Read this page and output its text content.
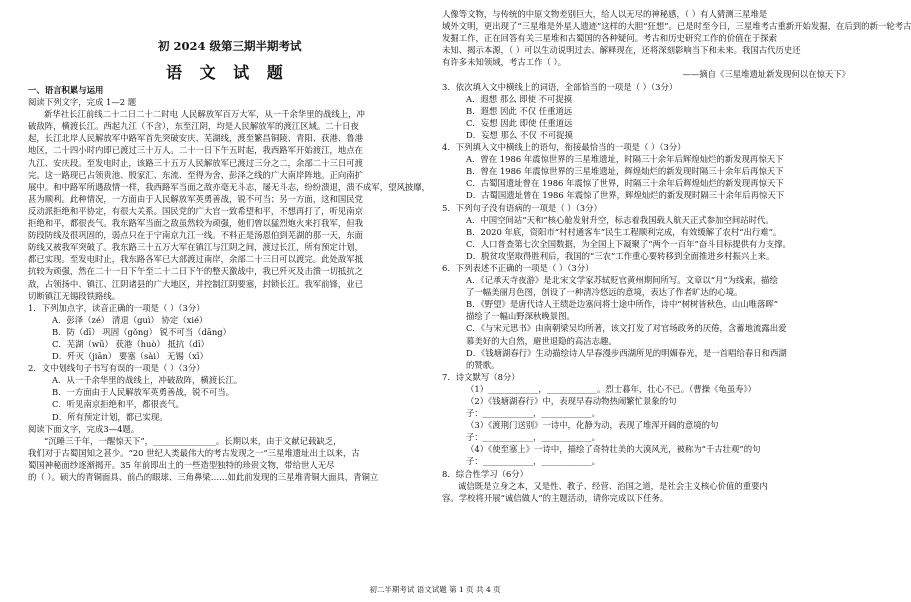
初 2024 级第三期半期考试
语 文 试 题
一、语言积累与运用
阅读下列文字，完成 1—2 题
新华社长江前线二十二日二十二时电 人民解放军百万大军，从一千余华里的战线上，冲
破敌阵，横渡长江。西起九江（不含），东至江阴，均是人民解放军的渡江区域。二十日夜
起，长江北岸人民解放军中路军首先突破安庆、芜湖线，渡至繁昌铜陵、青阳、获港、鲁港
地区，二十四小时内即已渡过三十万人。二十一日下午五时起，我西路军开始渡江，地点在
九江、安庆段。至发电时止，该路三十五万人民解放军已渡过三分之二，余部二十三日可渡
完。这一路现已占领贵池、殷家汇、东流、至得为舍、彭泽之线的广大南岸阵地。正向南扩
展中。和中路军所遇敌情一样，我西路军当面之敌亦毫无斗志，屡无斗志，纷纷溃退，溃不成军，望风披靡，
甚为顺利。此种情况，一方面由于人民解放军英勇善战，锐不可当；另一方面，这和国民党
反动派拒绝和平协定，有很大关系。国民党的广大官一致希望和平，不想再打了，听见南京
拒绝和平，都很丧气。我东路军当面之敌虽然较为顽强，他们曾以猛烈炮火来打我军，但我
防段防线及很巩固的，弱点只在于宁南京九江一线。不料正是汤恩伯到芜湖的那一天，东面
防线又被我军突破了。我东路三十五万大军在镇江与江阴之间，渡过长江，所有预定计划，
都已实现。至发电时止，我东路各军已大部渡过南岸，余部二十三日可以渡完。此处敌军抵
抗较为顽强，然在二十一日下午至二十二日下午的整天激战中，我已歼灭及击溃一切抵抗之
敌，占领扬中、镇江、江阴诸县的广大地区，并控制江阴要塞，封锁长江。我军前锋，业已
切断镇江无锡段铁路线。
1．下列加点字，读音正确的一项是（ ）（3分）
A．彭泽（zé） 清退（guì） 协定（xié）
B．防（dī） 巩固（gǒng） 锐不可当（dāng）
C．芜湖（wū） 获港（huò） 抵抗（dī）
D．歼灭（jiān） 要塞（sài） 无锡（xī）
2．文中划线句子书写有误的一项是（ ）（3分）
A．从一千余华里的战线上，冲破敌阵，横渡长江。
B．一方面由于人民解放军英勇善战，锐不可当。
C．听见南京拒绝和平，都很丧气。
D．所有预定计划，都已实现。
阅读下面文字，完成3—4题。
“沉睡三千年，一醒惊天下”，_______________。长期以来，由于文献记载缺乏，
我们对于古蜀国知之甚少。“20 世纪人类最伟大的考古发现之一”三星堆遗址出土以来，古
蜀国神秘面纱逐渐揭开。35 年前即出土的一些造型独特的珍贵文物，带给世人无尽
的（ ）。硕大的青铜面具、前凸的眼球、三角鼻梁……如此前发现的三星堆青铜大面具，青铜立
人像等文物，与传统的中原文物差别巨大，给人以无尽的神秘感，（ ）有人猜测三星堆是
域外文明，更出现了“三星堆是外星人遗迹”这样的大胆“狂想”。已是时至今日，三星堆考古重新开始发掘，在后到的新一轮考古
发掘工作，正在回答有关三星堆和古蜀国的各种疑问。考古和历史研究工作的价值在于探索
未知、揭示本源，（ ）可以生动说明过去、解释现在，还将深刻影响当下和未来。我国古代历史还
有许多未知领域，考古工作（ ）。
——摘自《三星堆遗址新发现何以在惊天下》
3．依次填入文中横线上的词语，全部恰当的一项是（ ）（3分）
A．遐想 那么 即使 不可捉摸
B．遐想 因此 不仅 任重道远
C．妄想 因此 即使 任重道远
D．妄想 那么 不仅 不可捉摸
4．下列填入文中横线上的语句，衔接最恰当的一项是（ ）（3分）
A．曾在 1986 年震惊世界的三星堆遗址，时隔三十余年后辉煌灿烂的新发现再惊天下
B．曾在 1986 年震惊世界的三星堆遗址，辉煌灿烂的新发现时隔三十余年后再惊天下
C．古蜀国遗址曾在 1986 年震惊了世界，时隔三十余年后辉煌灿烂的新发现再惊天下
D．古蜀国遗址曾在 1986 年震惊了世界，辉煌灿烂的新发现时隔三十余年后再惊天下
5．下列句子没有语病的一项是（ ）（3分）
A．中国空间站“天和”核心舱发射升空，标志着我国载人航天正式参加空间站时代。
B．2020 年底，资阳市“村村通客车”民生工程顺利完成，有效缓解了农村“出行难”。
C．人口普查第七次全国数据，为全国上下凝聚了“两个一百年”奋斗目标提供有力支撑。
D．脱贫攻坚取得胜利后，我国的“三农”工作重心要转移到全面推进乡村振兴上来。
6．下列表述不正确的一项是（ ）（3分）
A．《记承天寺夜游》是北宋文学家苏轼贬官黄州期间所写。文章以“月”为线索，描绘
了一幅美丽月色图，创设了一种清冷悠远的意境，表达了作者旷达的心境。
B．《野望》是唐代诗人王绩赴边塞问将士途中所作，诗中“树树皆秋色，山山唯落晖”
描绘了一幅山野深秋晚景图。
C．《与宋元思书》由南朝梁吴均所著，该文打发了对官场政务的厌倦，含蓄地流露出爱
慕美好的大自然，避世退隐的高洁志趣。
D．《钱塘湖春行》生动描绘诗人早春漫步西湖所见的明媚春光，是一首唱给春日和西湖
的赞歌。
7．诗文默写（8分）
（1）____________，____________。烈士暮年，壮心不已。（曹操《龟虽寿》）
（2）《钱塘湖春行》中，表现早春动物热闹繁忙景象的句
子：____________，____________。
（3）《渡荆门送别》一诗中，化静为动，表现了堆浑开阔的意境的句
子：____________，____________。
（4）《使至塞上》一诗中，描绘了奇特壮美的大漠风光，被称为“千古壮观”的句
子：____________，____________。
8．综合性学习（6分）
诚信既是立身之本，又是性、教子、经营、治国之道，是社会主义核心价值的重要内
容。学校将开展“诚信做人”的主题活动，请你完成以下任务。
初二半期考试 语文试题 第 1 页 共 4 页
